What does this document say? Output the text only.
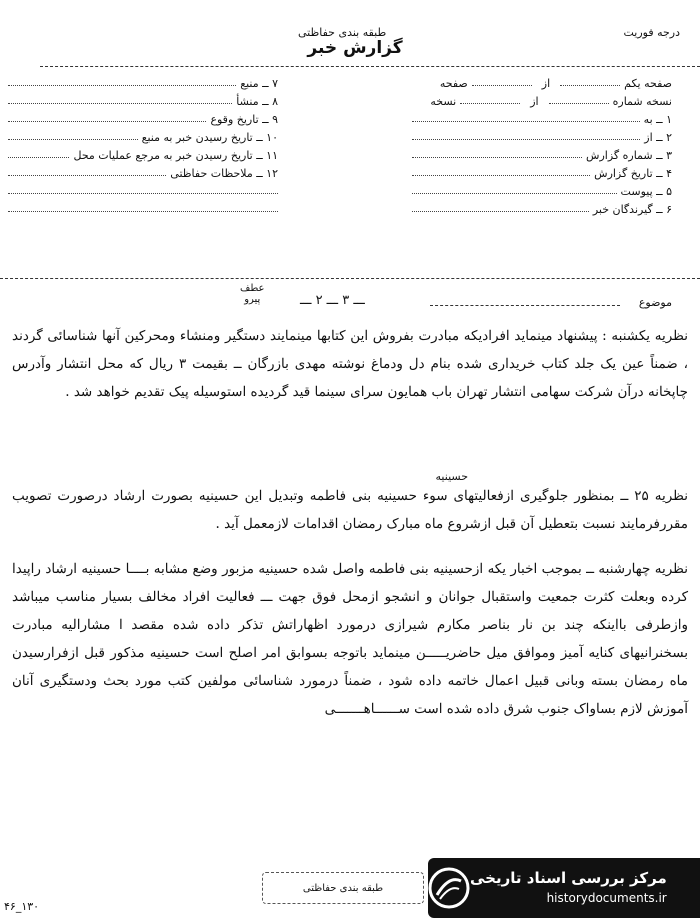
درجه فوریت
طبقه بندی حفاظتی
گزارش خبر
صفحه یکم
از
صفحه
نسخه شماره
از
نسخه
۱ ــ به
۲ ــ از
۳ ــ شماره گزارش
۴ ــ تاریخ گزارش
۵ ــ پیوست
۶ ــ گیرندگان خبر
۷ ــ منبع
۸ ــ منشأ
۹ ــ تاریخ وقوع
۱۰ ــ تاریخ رسیدن خبر به منبع
۱۱ ــ تاریخ رسیدن خبر به مرجع عملیات محل
۱۲ ــ ملاحظات حفاظتی
موضوع
ـــ ۳ ـــ ۲ ـــ
عطف
پیرو

نظریه یکشنبه : پیشنهاد مینماید افرادیکه مبادرت بفروش این کتابها مینمایند دستگیر ومنشاء ومحرکین آنها شناسائی گردند ، ضمناً عین یک جلد کتاب خریداری شده بنام دل ودماغ نوشته مهدی بازرگان ــ بقیمت ۳ ریال که محل انتشار وآدرس چاپخانه درآن شرکت سهامی انتشار تهران باب همایون سرای سینما قید گردیده استوسیله پیک تقدیم خواهد شد .

حسینیه

نظریه ۲۵ ــ بمنظور جلوگیری ازفعالیتهای سوء حسینیه بنی فاطمه وتبدیل این حسینیه بصورت ارشاد درصورت تصویب مقررفرمایند نسبت بتعطیل آن قبل ازشروع ماه مبارک رمضان اقدامات لازمعمل آید .

نظریه چهارشنبه ــ بموجب اخبار یکه ازحسینیه بنی فاطمه واصل شده حسینیه مزبور وضع مشابه بــــا حسینیه ارشاد راپیدا کرده وبعلت کثرت جمعیت واستقبال جوانان و انشجو ازمحل فوق جهت ـــ فعالیت افراد مخالف بسیار مناسب میباشد وازطرفی بااینکه چند بن نار بناصر مکارم شیرازی درمورد اظهاراتش تذکر داده شده مقصد ا مشارالیه مبادرت بسخنرانیهای کنایه آمیز وموافق میل حاضریـــــن مینماید باتوجه بسوابق امر اصلح است حسینیه مذکور قبل ازفرارسیدن ماه رمضان بسته وبانی قبیل اعمال خاتمه داده شود ، ضمناً درمورد شناسائی مولفین کتب مورد بحث ودستگیری آنان آموزش لازم بساواک جنوب شرق داده شده است ســــــاهـــــــی

طبقه بندی حفاظتی
۴۶_۱۳۰
مرکز بررسی اسناد تاریخی
historydocuments.ir
